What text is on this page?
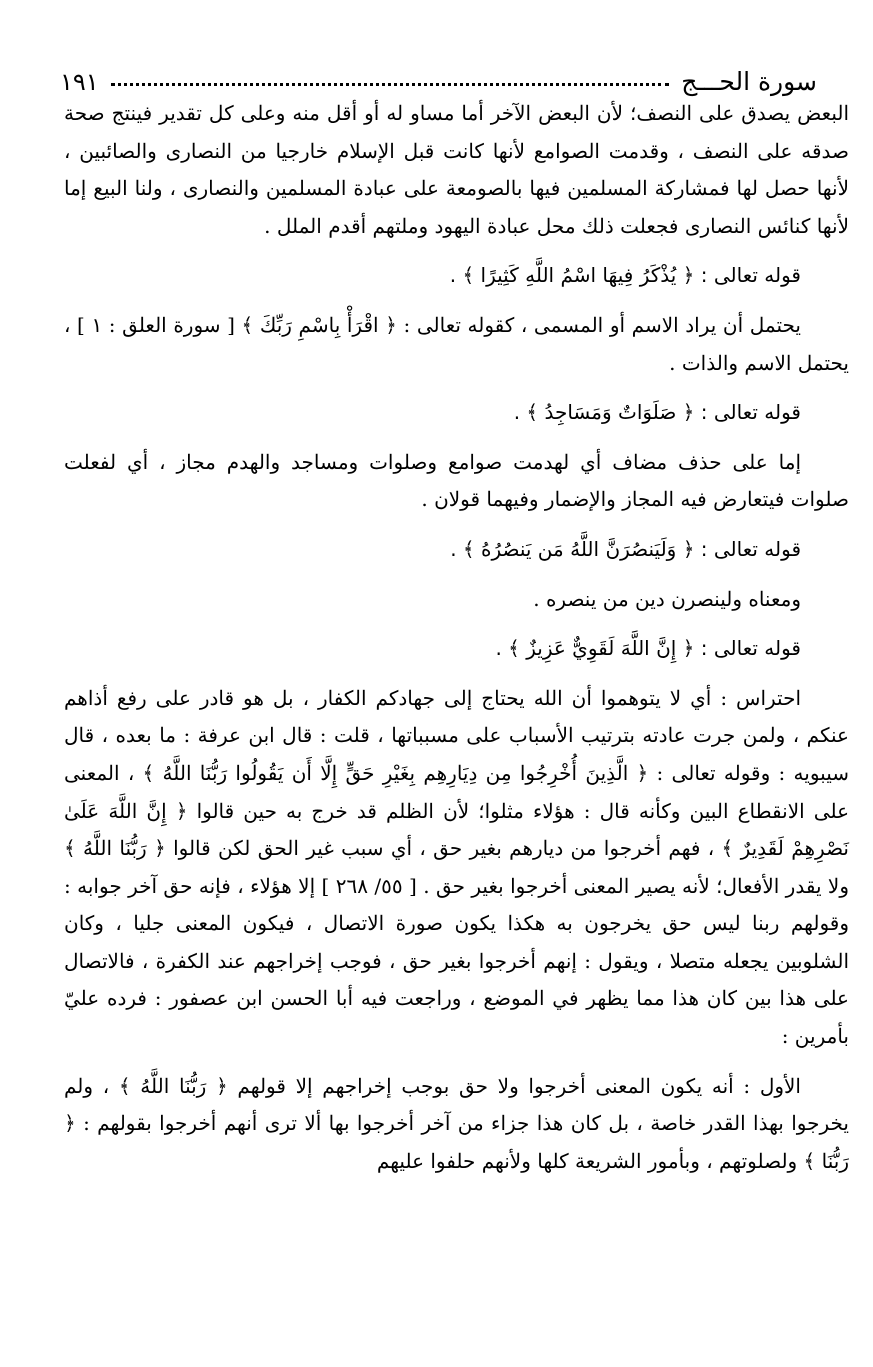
سورة الحـــج
١٩١

البعض يصدق على النصف؛ لأن البعض الآخر أما مساو له أو أقل منه وعلى كل تقدير فينتج صحة صدقه على النصف ، وقدمت الصوامع لأنها كانت قبل الإسلام خارجيا من النصارى والصائبين ، لأنها حصل لها فمشاركة المسلمين فيها بالصومعة على عبادة المسلمين والنصارى ، ولنا البيع إما لأنها كنائس النصارى فجعلت ذلك محل عبادة اليهود وملتهم أقدم الملل .

قوله تعالى : ﴿ يُذْكَرُ فِيهَا اسْمُ اللَّهِ كَثِيرًا ﴾ .

يحتمل أن يراد الاسم أو المسمى ، كقوله تعالى : ﴿ اقْرَأْ بِاسْمِ رَبِّكَ ﴾ [ سورة العلق : ١ ] ، يحتمل الاسم والذات .

قوله تعالى : ﴿ صَلَوَاتٌ وَمَسَاجِدُ ﴾ .

إما على حذف مضاف أي لهدمت صوامع وصلوات ومساجد والهدم مجاز ، أي لفعلت صلوات فيتعارض فيه المجاز والإضمار وفيهما قولان .

قوله تعالى : ﴿ وَلَيَنصُرَنَّ اللَّهُ مَن يَنصُرُهُ ﴾ .

ومعناه ولينصرن دين من ينصره .

قوله تعالى : ﴿ إِنَّ اللَّهَ لَقَوِيٌّ عَزِيزٌ ﴾ .

احتراس : أي لا يتوهموا أن الله يحتاج إلى جهادكم الكفار ، بل هو قادر على رفع أذاهم عنكم ، ولمن جرت عادته بترتيب الأسباب على مسبباتها ، قلت : قال ابن عرفة : ما بعده ، قال سيبويه : وقوله تعالى : ﴿ الَّذِينَ أُخْرِجُوا مِن دِيَارِهِم بِغَيْرِ حَقٍّ إِلَّا أَن يَقُولُوا رَبُّنَا اللَّهُ ﴾ ، المعنى على الانقطاع البين وكأنه قال : هؤلاء مثلوا؛ لأن الظلم قد خرج به حين قالوا ﴿ إِنَّ اللَّهَ عَلَىٰ نَصْرِهِمْ لَقَدِيرٌ ﴾ ، فهم أخرجوا من ديارهم بغير حق ، أي سبب غير الحق لكن قالوا ﴿ رَبُّنَا اللَّهُ ﴾ ولا يقدر الأفعال؛ لأنه يصير المعنى أخرجوا بغير حق . [ ٥٥/ ٢٦٨ ] إلا هؤلاء ، فإنه حق آخر جوابه : وقولهم ربنا ليس حق يخرجون به هكذا يكون صورة الاتصال ، فيكون المعنى جليا ، وكان الشلوبين يجعله متصلا ، ويقول : إنهم أخرجوا بغير حق ، فوجب إخراجهم عند الكفرة ، فالاتصال على هذا بين كان هذا مما يظهر في الموضع ، وراجعت فيه أبا الحسن ابن عصفور : فرده عليّ بأمرين :

الأول : أنه يكون المعنى أخرجوا ولا حق بوجب إخراجهم إلا قولهم ﴿ رَبُّنَا اللَّهُ ﴾ ، ولم يخرجوا بهذا القدر خاصة ، بل كان هذا جزاء من آخر أخرجوا بها ألا ترى أنهم أخرجوا بقولهم : ﴿ رَبُّنَا ﴾ ولصلوتهم ، وبأمور الشريعة كلها ولأنهم حلفوا عليهم
